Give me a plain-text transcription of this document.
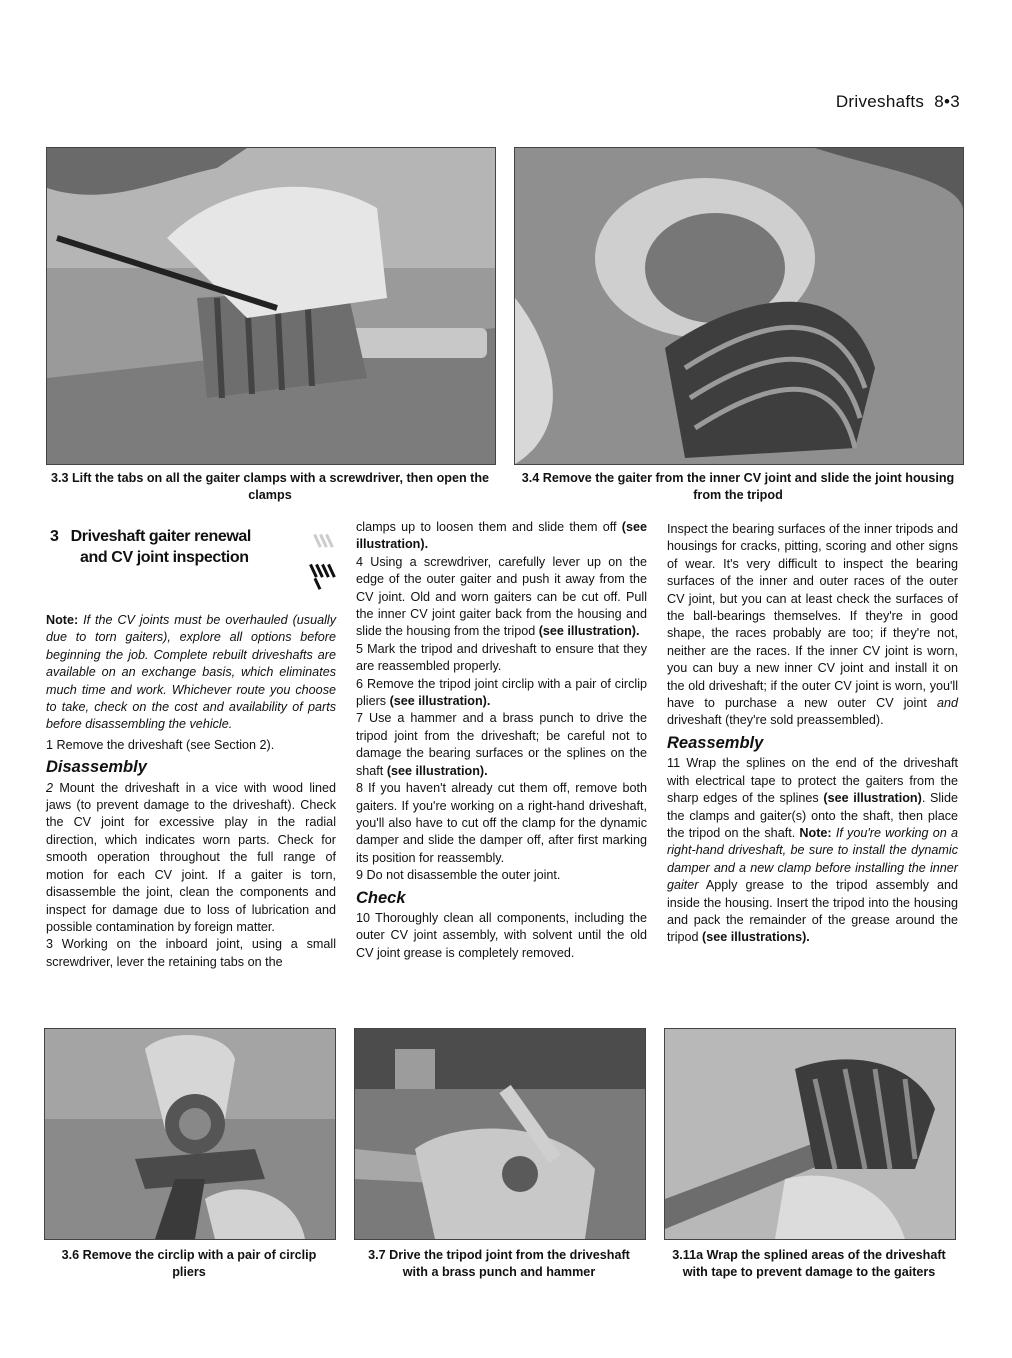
Driveshafts 8•3
3.3 Lift the tabs on all the gaiter clamps with a screwdriver, then open the clamps
3.4 Remove the gaiter from the inner CV joint and slide the joint housing from the tripod
3 Driveshaft gaiter renewal
and CV joint inspection

Note: If the CV joints must be overhauled (usually due to torn gaiters), explore all options before beginning the job. Complete rebuilt driveshafts are available on an exchange basis, which eliminates much time and work. Whichever route you choose to take, check on the cost and availability of parts before disassembling the vehicle.

1 Remove the driveshaft (see Section 2).

Disassembly

2 Mount the driveshaft in a vice with wood lined jaws (to prevent damage to the driveshaft). Check the CV joint for excessive play in the radial direction, which indicates worn parts. Check for smooth operation throughout the full range of motion for each CV joint. If a gaiter is torn, disassemble the joint, clean the components and inspect for damage due to loss of lubrication and possible contamination by foreign matter.

3 Working on the inboard joint, using a small screwdriver, lever the retaining tabs on the

clamps up to loosen them and slide them off (see illustration).

4 Using a screwdriver, carefully lever up on the edge of the outer gaiter and push it away from the CV joint. Old and worn gaiters can be cut off. Pull the inner CV joint gaiter back from the housing and slide the housing from the tripod (see illustration).

5 Mark the tripod and driveshaft to ensure that they are reassembled properly.

6 Remove the tripod joint circlip with a pair of circlip pliers (see illustration).

7 Use a hammer and a brass punch to drive the tripod joint from the driveshaft; be careful not to damage the bearing surfaces or the splines on the shaft (see illustration).

8 If you haven't already cut them off, remove both gaiters. If you're working on a right-hand driveshaft, you'll also have to cut off the clamp for the dynamic damper and slide the damper off, after first marking its position for reassembly.

9 Do not disassemble the outer joint.

Check

10 Thoroughly clean all components, including the outer CV joint assembly, with solvent until the old CV joint grease is completely removed.

Inspect the bearing surfaces of the inner tripods and housings for cracks, pitting, scoring and other signs of wear. It's very difficult to inspect the bearing surfaces of the inner and outer races of the outer CV joint, but you can at least check the surfaces of the ball-bearings themselves. If they're in good shape, the races probably are too; if they're not, neither are the races. If the inner CV joint is worn, you can buy a new inner CV joint and install it on the old driveshaft; if the outer CV joint is worn, you'll have to purchase a new outer CV joint and driveshaft (they're sold preassembled).

Reassembly

11 Wrap the splines on the end of the driveshaft with electrical tape to protect the gaiters from the sharp edges of the splines (see illustration). Slide the clamps and gaiter(s) onto the shaft, then place the tripod on the shaft. Note: If you're working on a right-hand driveshaft, be sure to install the dynamic damper and a new clamp before installing the inner gaiter Apply grease to the tripod assembly and inside the housing. Insert the tripod into the housing and pack the remainder of the grease around the tripod (see illustrations).

3.6 Remove the circlip with a pair of circlip pliers
3.7 Drive the tripod joint from the driveshaft with a brass punch and hammer
3.11a Wrap the splined areas of the driveshaft with tape to prevent damage to the gaiters
